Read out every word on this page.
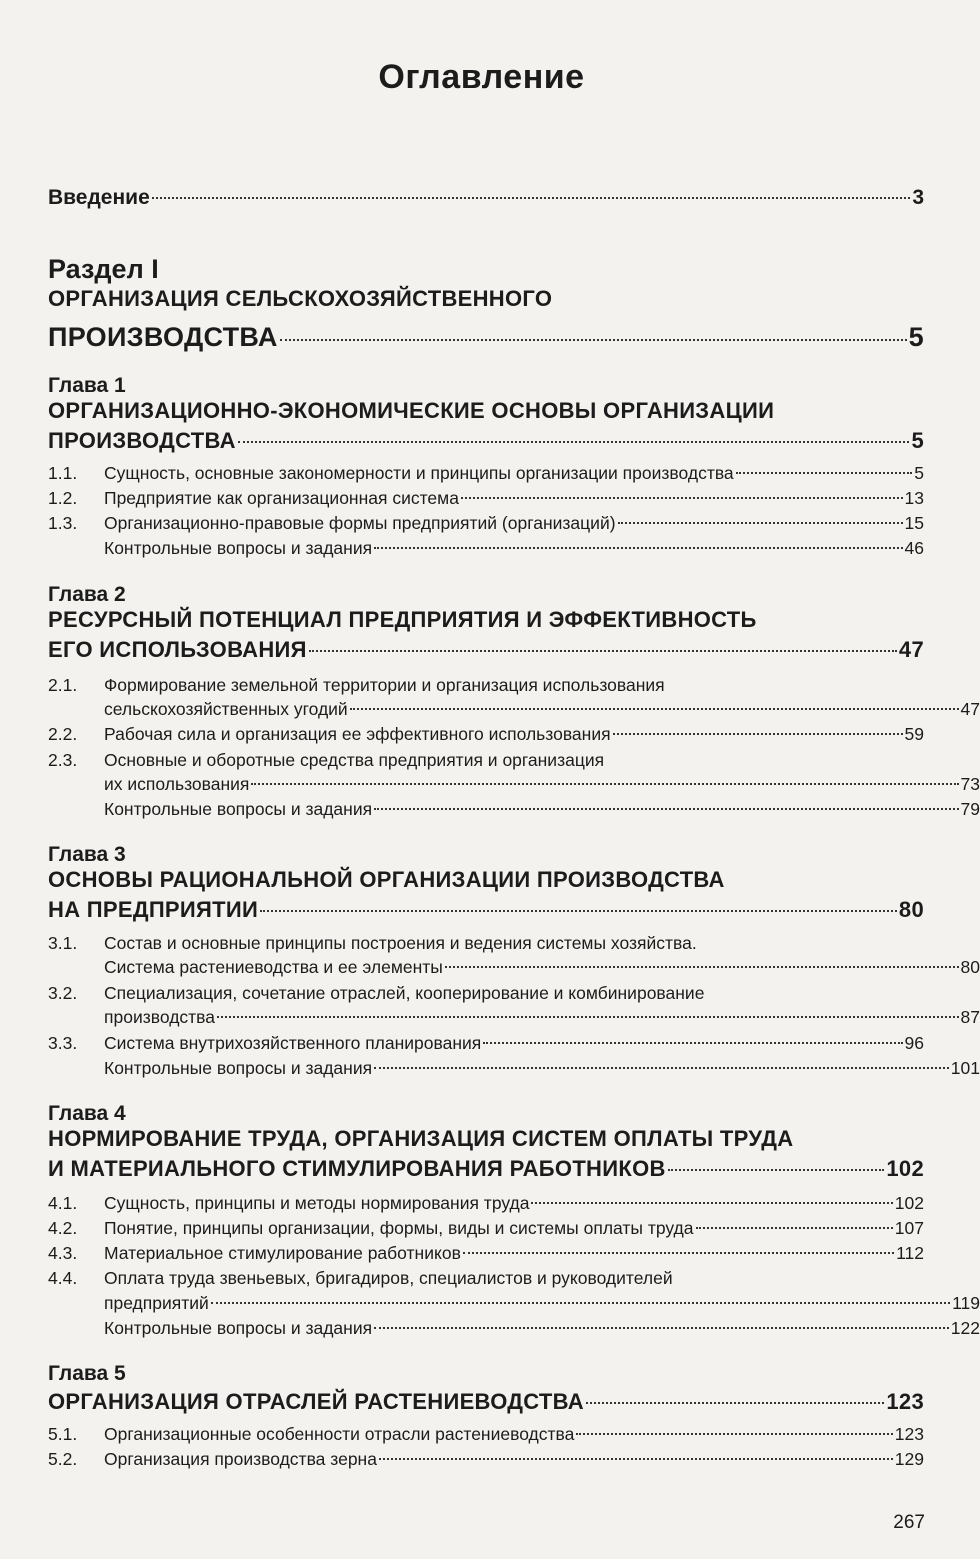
Оглавление
Введение	3
Раздел I
ОРГАНИЗАЦИЯ СЕЛЬСКОХОЗЯЙСТВЕННОГО
ПРОИЗВОДСТВА	5
Глава 1
ОРГАНИЗАЦИОННО-ЭКОНОМИЧЕСКИЕ ОСНОВЫ ОРГАНИЗАЦИИ
ПРОИЗВОДСТВА	5
1.1.	Сущность, основные закономерности и принципы организации производства	5
1.2.	Предприятие как организационная система	13
1.3.	Организационно-правовые формы предприятий (организаций)	15
Контрольные вопросы и задания	46
Глава 2
РЕСУРСНЫЙ ПОТЕНЦИАЛ ПРЕДПРИЯТИЯ И ЭФФЕКТИВНОСТЬ
ЕГО ИСПОЛЬЗОВАНИЯ	47
2.1. Формирование земельной территории и организация использования
сельскохозяйственных угодий	47
2.2.	Рабочая сила и организация ее эффективного использования	59
2.3. Основные и оборотные средства предприятия и организация
их использования	73
Контрольные вопросы и задания	79
Глава 3
ОСНОВЫ РАЦИОНАЛЬНОЙ ОРГАНИЗАЦИИ ПРОИЗВОДСТВА
НА ПРЕДПРИЯТИИ	80
3.1. Состав и основные принципы построения и ведения системы хозяйства.
Система растениеводства и ее элементы	80
3.2. Специализация, сочетание отраслей, кооперирование и комбинирование
производства	87
3.3.	Система внутрихозяйственного планирования	96
Контрольные вопросы и задания	101
Глава 4
НОРМИРОВАНИЕ ТРУДА, ОРГАНИЗАЦИЯ СИСТЕМ ОПЛАТЫ ТРУДА
И МАТЕРИАЛЬНОГО СТИМУЛИРОВАНИЯ РАБОТНИКОВ	102
4.1.	Сущность, принципы и методы нормирования труда	102
4.2.	Понятие, принципы организации, формы, виды и системы оплаты труда	107
4.3.	Материальное стимулирование работников	112
4.4. Оплата труда звеньевых, бригадиров, специалистов и руководителей
предприятий	119
Контрольные вопросы и задания	122
Глава 5
ОРГАНИЗАЦИЯ ОТРАСЛЕЙ РАСТЕНИЕВОДСТВА	123
5.1.	Организационные особенности отрасли растениеводства	123
5.2.	Организация производства зерна	129
267
